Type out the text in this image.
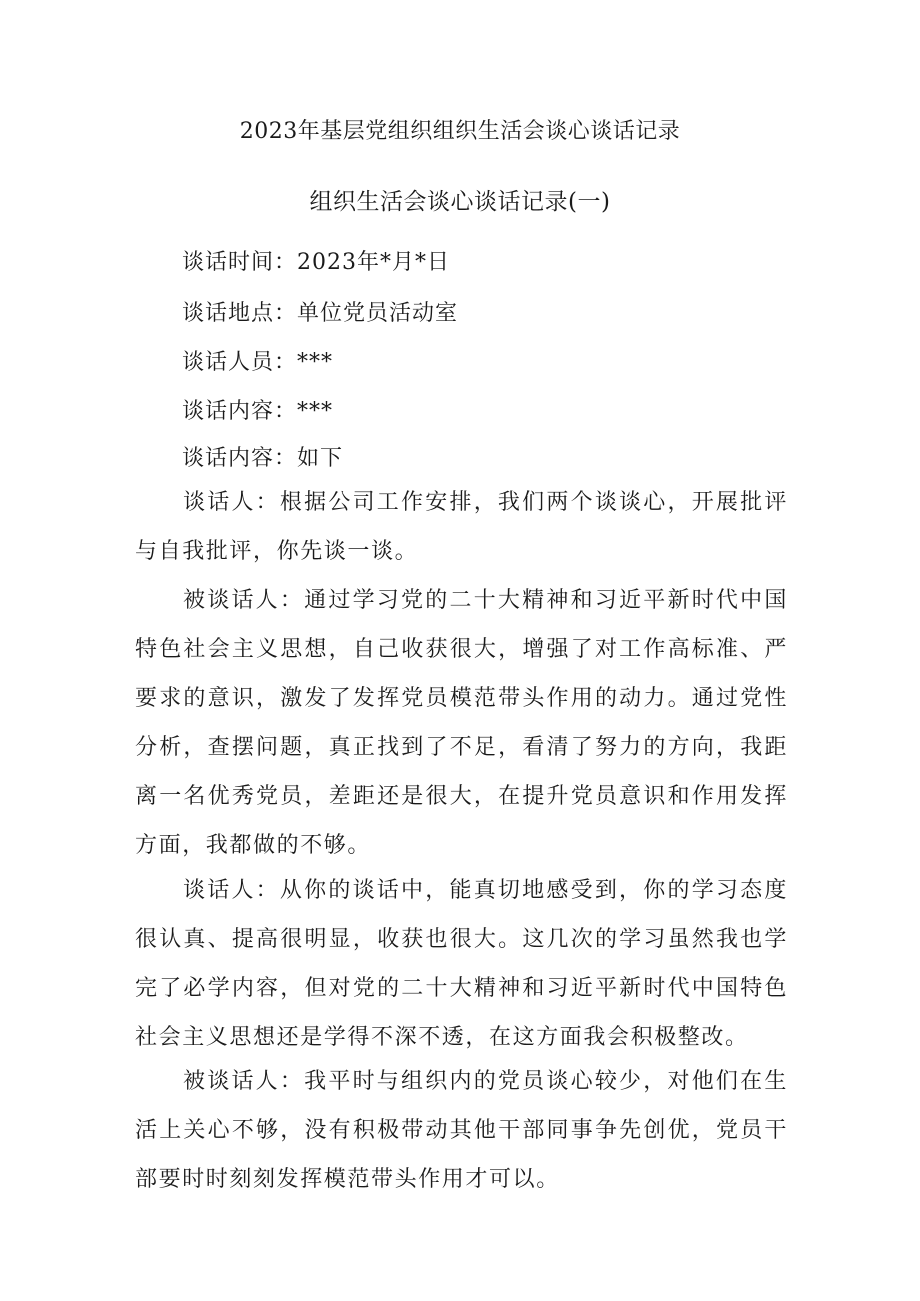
2023年基层党组织组织生活会谈心谈话记录
组织生活会谈心谈话记录(一)
谈话时间：2023年*月*日
谈话地点：单位党员活动室
谈话人员：***
谈话内容：***
谈话内容：如下
谈话人：根据公司工作安排，我们两个谈谈心，开展批评与自我批评，你先谈一谈。
被谈话人：通过学习党的二十大精神和习近平新时代中国特色社会主义思想，自己收获很大，增强了对工作高标准、严要求的意识，激发了发挥党员模范带头作用的动力。通过党性分析，查摆问题，真正找到了不足，看清了努力的方向，我距离一名优秀党员，差距还是很大，在提升党员意识和作用发挥方面，我都做的不够。
谈话人：从你的谈话中，能真切地感受到，你的学习态度很认真、提高很明显，收获也很大。这几次的学习虽然我也学完了必学内容，但对党的二十大精神和习近平新时代中国特色社会主义思想还是学得不深不透，在这方面我会积极整改。
被谈话人：我平时与组织内的党员谈心较少，对他们在生活上关心不够，没有积极带动其他干部同事争先创优，党员干部要时时刻刻发挥模范带头作用才可以。
